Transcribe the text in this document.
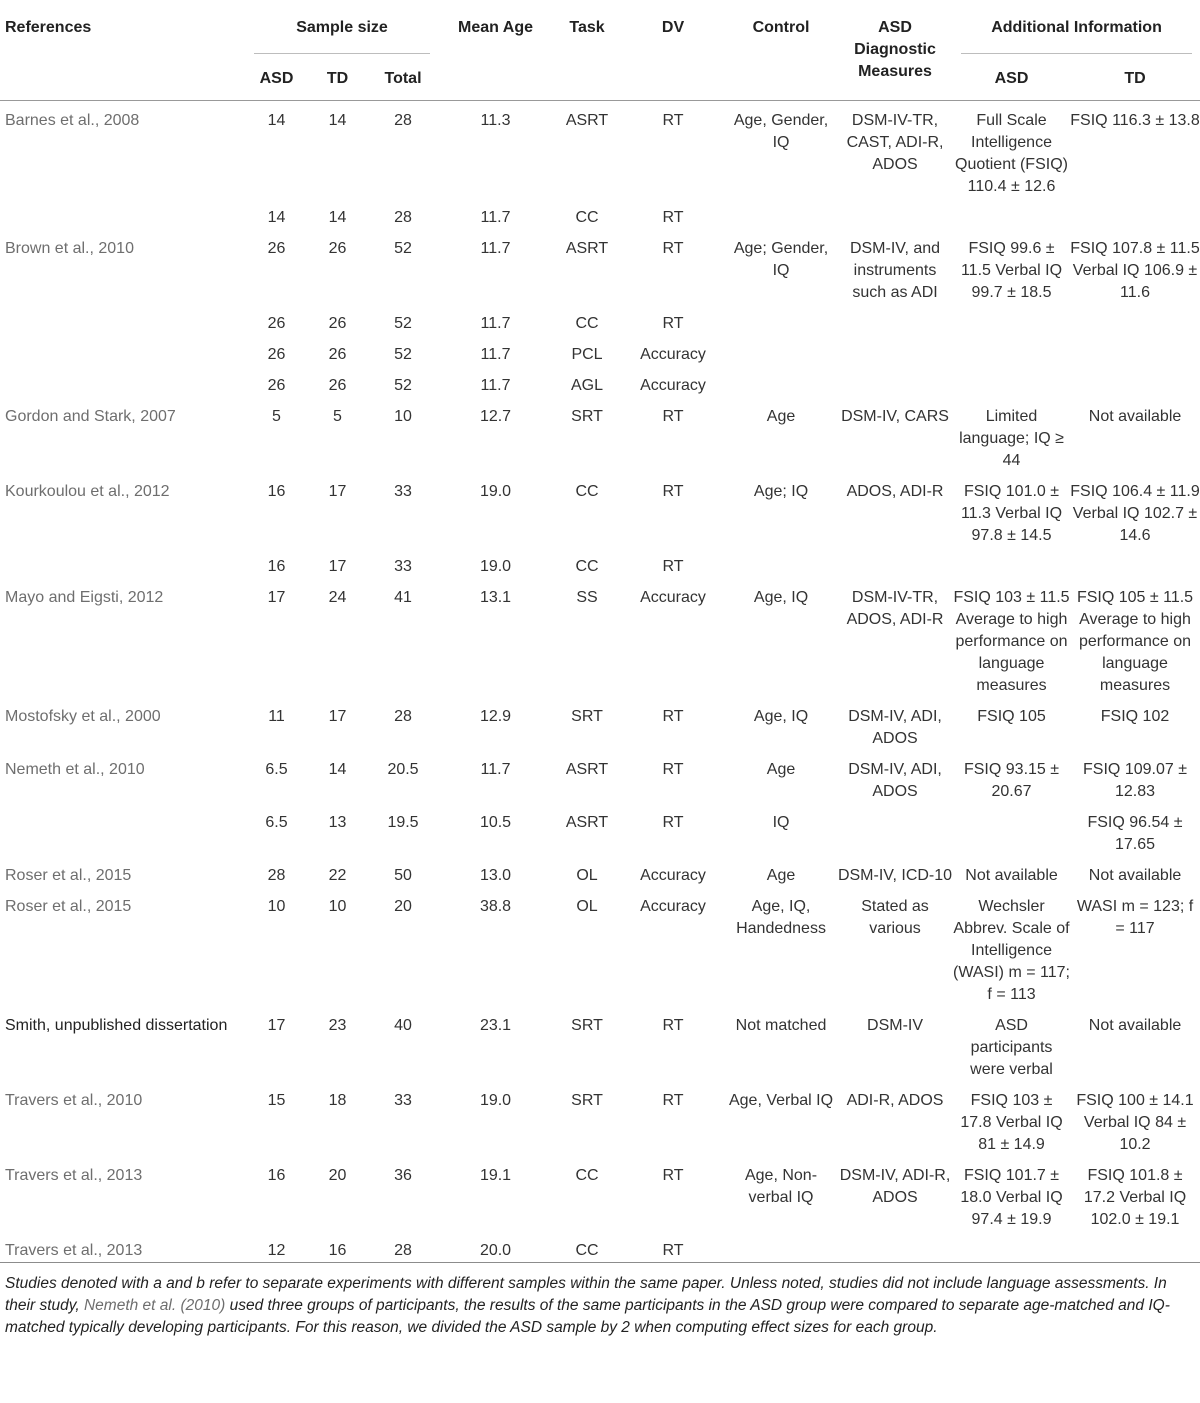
References	Sample size			Mean Age	Task	DV	Control	ASD Diagnostic Measures	Additional Information	

	ASD	TD	Total						ASD	TD

Barnes et al., 2008	14	14	28	11.3	ASRT	RT	Age, Gender, IQ	DSM-IV-TR, CAST, ADI-R, ADOS	Full Scale Intelligence Quotient (FSIQ) 110.4 ± 12.6	FSIQ 116.3 ± 13.8
	14	14	28	11.7	CC	RT				
Brown et al., 2010	26	26	52	11.7	ASRT	RT	Age; Gender, IQ	DSM-IV, and instruments such as ADI	FSIQ 99.6 ± 11.5 Verbal IQ 99.7 ± 18.5	FSIQ 107.8 ± 11.5 Verbal IQ 106.9 ± 11.6
	26	26	52	11.7	CC	RT				
	26	26	52	11.7	PCL	Accuracy				
	26	26	52	11.7	AGL	Accuracy				
Gordon and Stark, 2007	5	5	10	12.7	SRT	RT	Age	DSM-IV, CARS	Limited language; IQ ≥ 44	Not available
Kourkoulou et al., 2012	16	17	33	19.0	CC	RT	Age; IQ	ADOS, ADI-R	FSIQ 101.0 ± 11.3 Verbal IQ 97.8 ± 14.5	FSIQ 106.4 ± 11.9 Verbal IQ 102.7 ± 14.6
	16	17	33	19.0	CC	RT				
Mayo and Eigsti, 2012	17	24	41	13.1	SS	Accuracy	Age, IQ	DSM-IV-TR, ADOS, ADI-R	FSIQ 103 ± 11.5 Average to high performance on language measures	FSIQ 105 ± 11.5 Average to high performance on language measures
Mostofsky et al., 2000	11	17	28	12.9	SRT	RT	Age, IQ	DSM-IV, ADI, ADOS	FSIQ 105	FSIQ 102
Nemeth et al., 2010	6.5	14	20.5	11.7	ASRT	RT	Age	DSM-IV, ADI, ADOS	FSIQ 93.15 ± 20.67	FSIQ 109.07 ± 12.83
	6.5	13	19.5	10.5	ASRT	RT	IQ			FSIQ 96.54 ± 17.65
Roser et al., 2015	28	22	50	13.0	OL	Accuracy	Age	DSM-IV, ICD-10	Not available	Not available
Roser et al., 2015	10	10	20	38.8	OL	Accuracy	Age, IQ, Handedness	Stated as various	Wechsler Abbrev. Scale of Intelligence (WASI) m = 117; f = 113	WASI m = 123; f = 117
Smith, unpublished dissertation	17	23	40	23.1	SRT	RT	Not matched	DSM-IV	ASD participants were verbal	Not available
Travers et al., 2010	15	18	33	19.0	SRT	RT	Age, Verbal IQ	ADI-R, ADOS	FSIQ 103 ± 17.8 Verbal IQ 81 ± 14.9	FSIQ 100 ± 14.1 Verbal IQ 84 ± 10.2
Travers et al., 2013	16	20	36	19.1	CC	RT	Age, Non-verbal IQ	DSM-IV, ADI-R, ADOS	FSIQ 101.7 ± 18.0 Verbal IQ 97.4 ± 19.9	FSIQ 101.8 ± 17.2 Verbal IQ 102.0 ± 19.1
Travers et al., 2013	12	16	28	20.0	CC	RT				

Studies denoted with a and b refer to separate experiments with different samples within the same paper. Unless noted, studies did not include language assessments. In their study, Nemeth et al. (2010) used three groups of participants, the results of the same participants in the ASD group were compared to separate age-matched and IQ-matched typically developing participants. For this reason, we divided the ASD sample by 2 when computing effect sizes for each group.
